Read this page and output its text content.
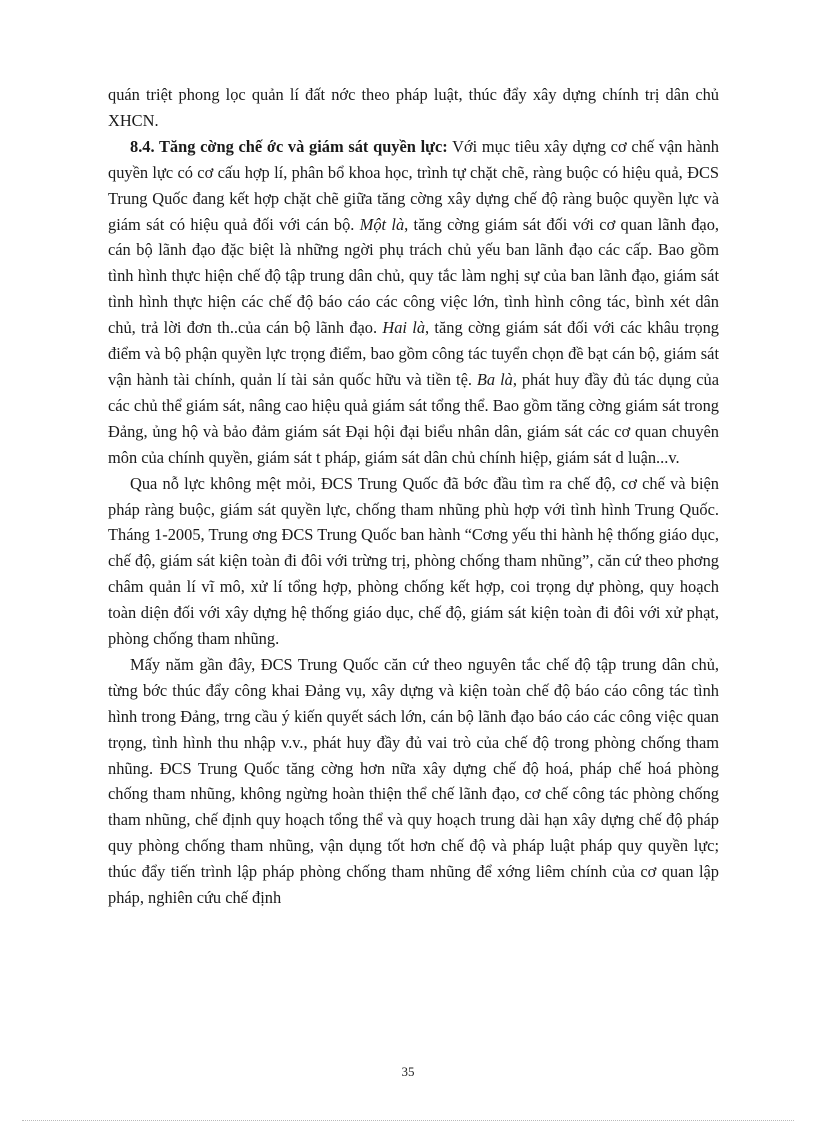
quán triệt phong lọc quản lí đất nớc theo pháp luật, thúc đẩy xây dựng chính trị dân chủ XHCN.

8.4. Tăng cờng chế ớc và giám sát quyền lực: Với mục tiêu xây dựng cơ chế vận hành quyền lực có cơ cấu hợp lí, phân bổ khoa học, trình tự chặt chẽ, ràng buộc có hiệu quả, ĐCS Trung Quốc đang kết hợp chặt chẽ giữa tăng cờng xây dựng chế độ ràng buộc quyền lực và giám sát có hiệu quả đối với cán bộ. Một là, tăng cờng giám sát đối với cơ quan lãnh đạo, cán bộ lãnh đạo đặc biệt là những ngời phụ trách chủ yếu ban lãnh đạo các cấp. Bao gồm tình hình thực hiện chế độ tập trung dân chủ, quy tắc làm nghị sự của ban lãnh đạo, giám sát tình hình thực hiện các chế độ báo cáo các công việc lớn, tình hình công tác, bình xét dân chủ, trả lời đơn th..của cán bộ lãnh đạo. Hai là, tăng cờng giám sát đối với các khâu trọng điểm và bộ phận quyền lực trọng điểm, bao gồm công tác tuyển chọn đề bạt cán bộ, giám sát vận hành tài chính, quản lí tài sản quốc hữu và tiền tệ. Ba là, phát huy đầy đủ tác dụng của các chủ thể giám sát, nâng cao hiệu quả giám sát tổng thể. Bao gồm tăng cờng giám sát trong Đảng, ủng hộ và bảo đảm giám sát Đại hội đại biểu nhân dân, giám sát các cơ quan chuyên môn của chính quyền, giám sát t pháp, giám sát dân chủ chính hiệp, giám sát d luận...v.

Qua nỗ lực không mệt mỏi, ĐCS Trung Quốc đã bớc đầu tìm ra chế độ, cơ chế và biện pháp ràng buộc, giám sát quyền lực, chống tham nhũng phù hợp với tình hình Trung Quốc. Tháng 1-2005, Trung ơng ĐCS Trung Quốc ban hành “Cơng yếu thi hành hệ thống giáo dục, chế độ, giám sát kiện toàn đi đôi với trừng trị, phòng chống tham nhũng”, căn cứ theo phơng châm quản lí vĩ mô, xử lí tổng hợp, phòng chống kết hợp, coi trọng dự phòng, quy hoạch toàn diện đối với xây dựng hệ thống giáo dục, chế độ, giám sát kiện toàn đi đôi với xử phạt, phòng chống tham nhũng.

Mấy năm gần đây, ĐCS Trung Quốc căn cứ theo nguyên tắc chế độ tập trung dân chủ, từng bớc thúc đẩy công khai Đảng vụ, xây dựng và kiện toàn chế độ báo cáo công tác tình hình trong Đảng, trng cầu ý kiến quyết sách lớn, cán bộ lãnh đạo báo cáo các công việc quan trọng, tình hình thu nhập v.v., phát huy đầy đủ vai trò của chế độ trong phòng chống tham nhũng. ĐCS Trung Quốc tăng cờng hơn nữa xây dựng chế độ hoá, pháp chế hoá phòng chống tham nhũng, không ngừng hoàn thiện thể chế lãnh đạo, cơ chế công tác phòng chống tham nhũng, chế định quy hoạch tổng thể và quy hoạch trung dài hạn xây dựng chế độ pháp quy phòng chống tham nhũng, vận dụng tốt hơn chế độ và pháp luật pháp quy quyền lực; thúc đẩy tiến trình lập pháp phòng chống tham nhũng để xớng liêm chính của cơ quan lập pháp, nghiên cứu chế định

35
